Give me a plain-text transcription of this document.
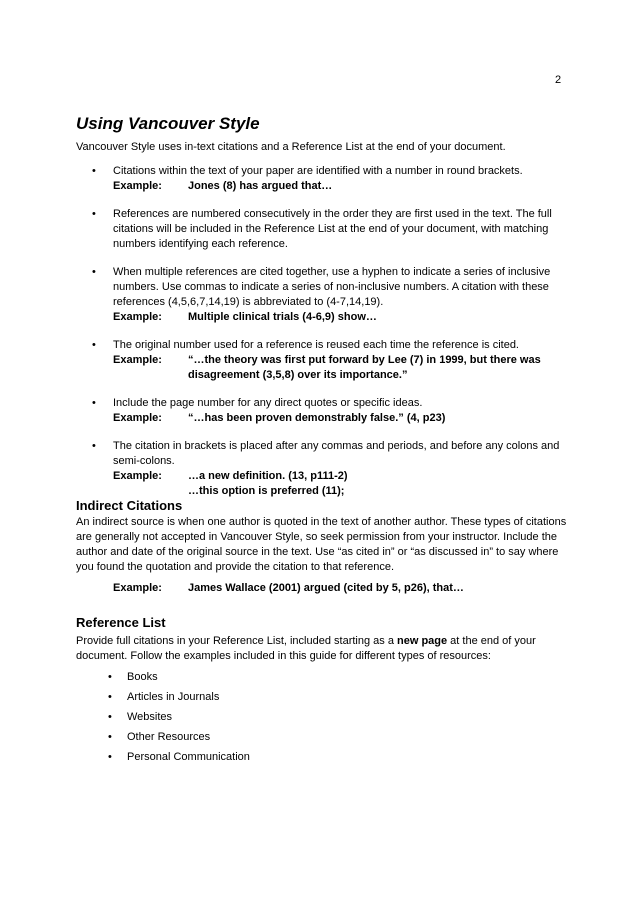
2
Using Vancouver Style
Vancouver Style uses in-text citations and a Reference List at the end of your document.
• Citations within the text of your paper are identified with a number in round brackets.

Example:	Jones (8) has argued that…
• References are numbered consecutively in the order they are first used in the text. The full citations will be included in the Reference List at the end of your document, with matching numbers identifying each reference.

• When multiple references are cited together, use a hyphen to indicate a series of inclusive numbers. Use commas to indicate a series of non-inclusive numbers. A citation with these references (4,5,6,7,14,19) is abbreviated to (4-7,14,19).

Example:	Multiple clinical trials (4-6,9) show…
• The original number used for a reference is reused each time the reference is cited.

Example:	“…the theory was first put forward by Lee (7) in 1999, but there was disagreement (3,5,8) over its importance.”
• Include the page number for any direct quotes or specific ideas.

Example:	“…has been proven demonstrably false.” (4, p23)
• The citation in brackets is placed after any commas and periods, and before any colons and semi-colons.

Example:	…a new definition. (13, p111-2)
…this option is preferred (11);
Indirect Citations

An indirect source is when one author is quoted in the text of another author. These types of citations are generally not accepted in Vancouver Style, so seek permission from your instructor. Include the author and date of the original source in the text. Use “as cited in” or “as discussed in” to say where you found the quotation and provide the citation to that reference.

Example:	James Wallace (2001) argued (cited by 5, p26), that…
Reference List

Provide full citations in your Reference List, included starting as a new page at the end of your document. Follow the examples included in this guide for different types of resources:

• Books
• Articles in Journals
• Websites
• Other Resources
• Personal Communication
